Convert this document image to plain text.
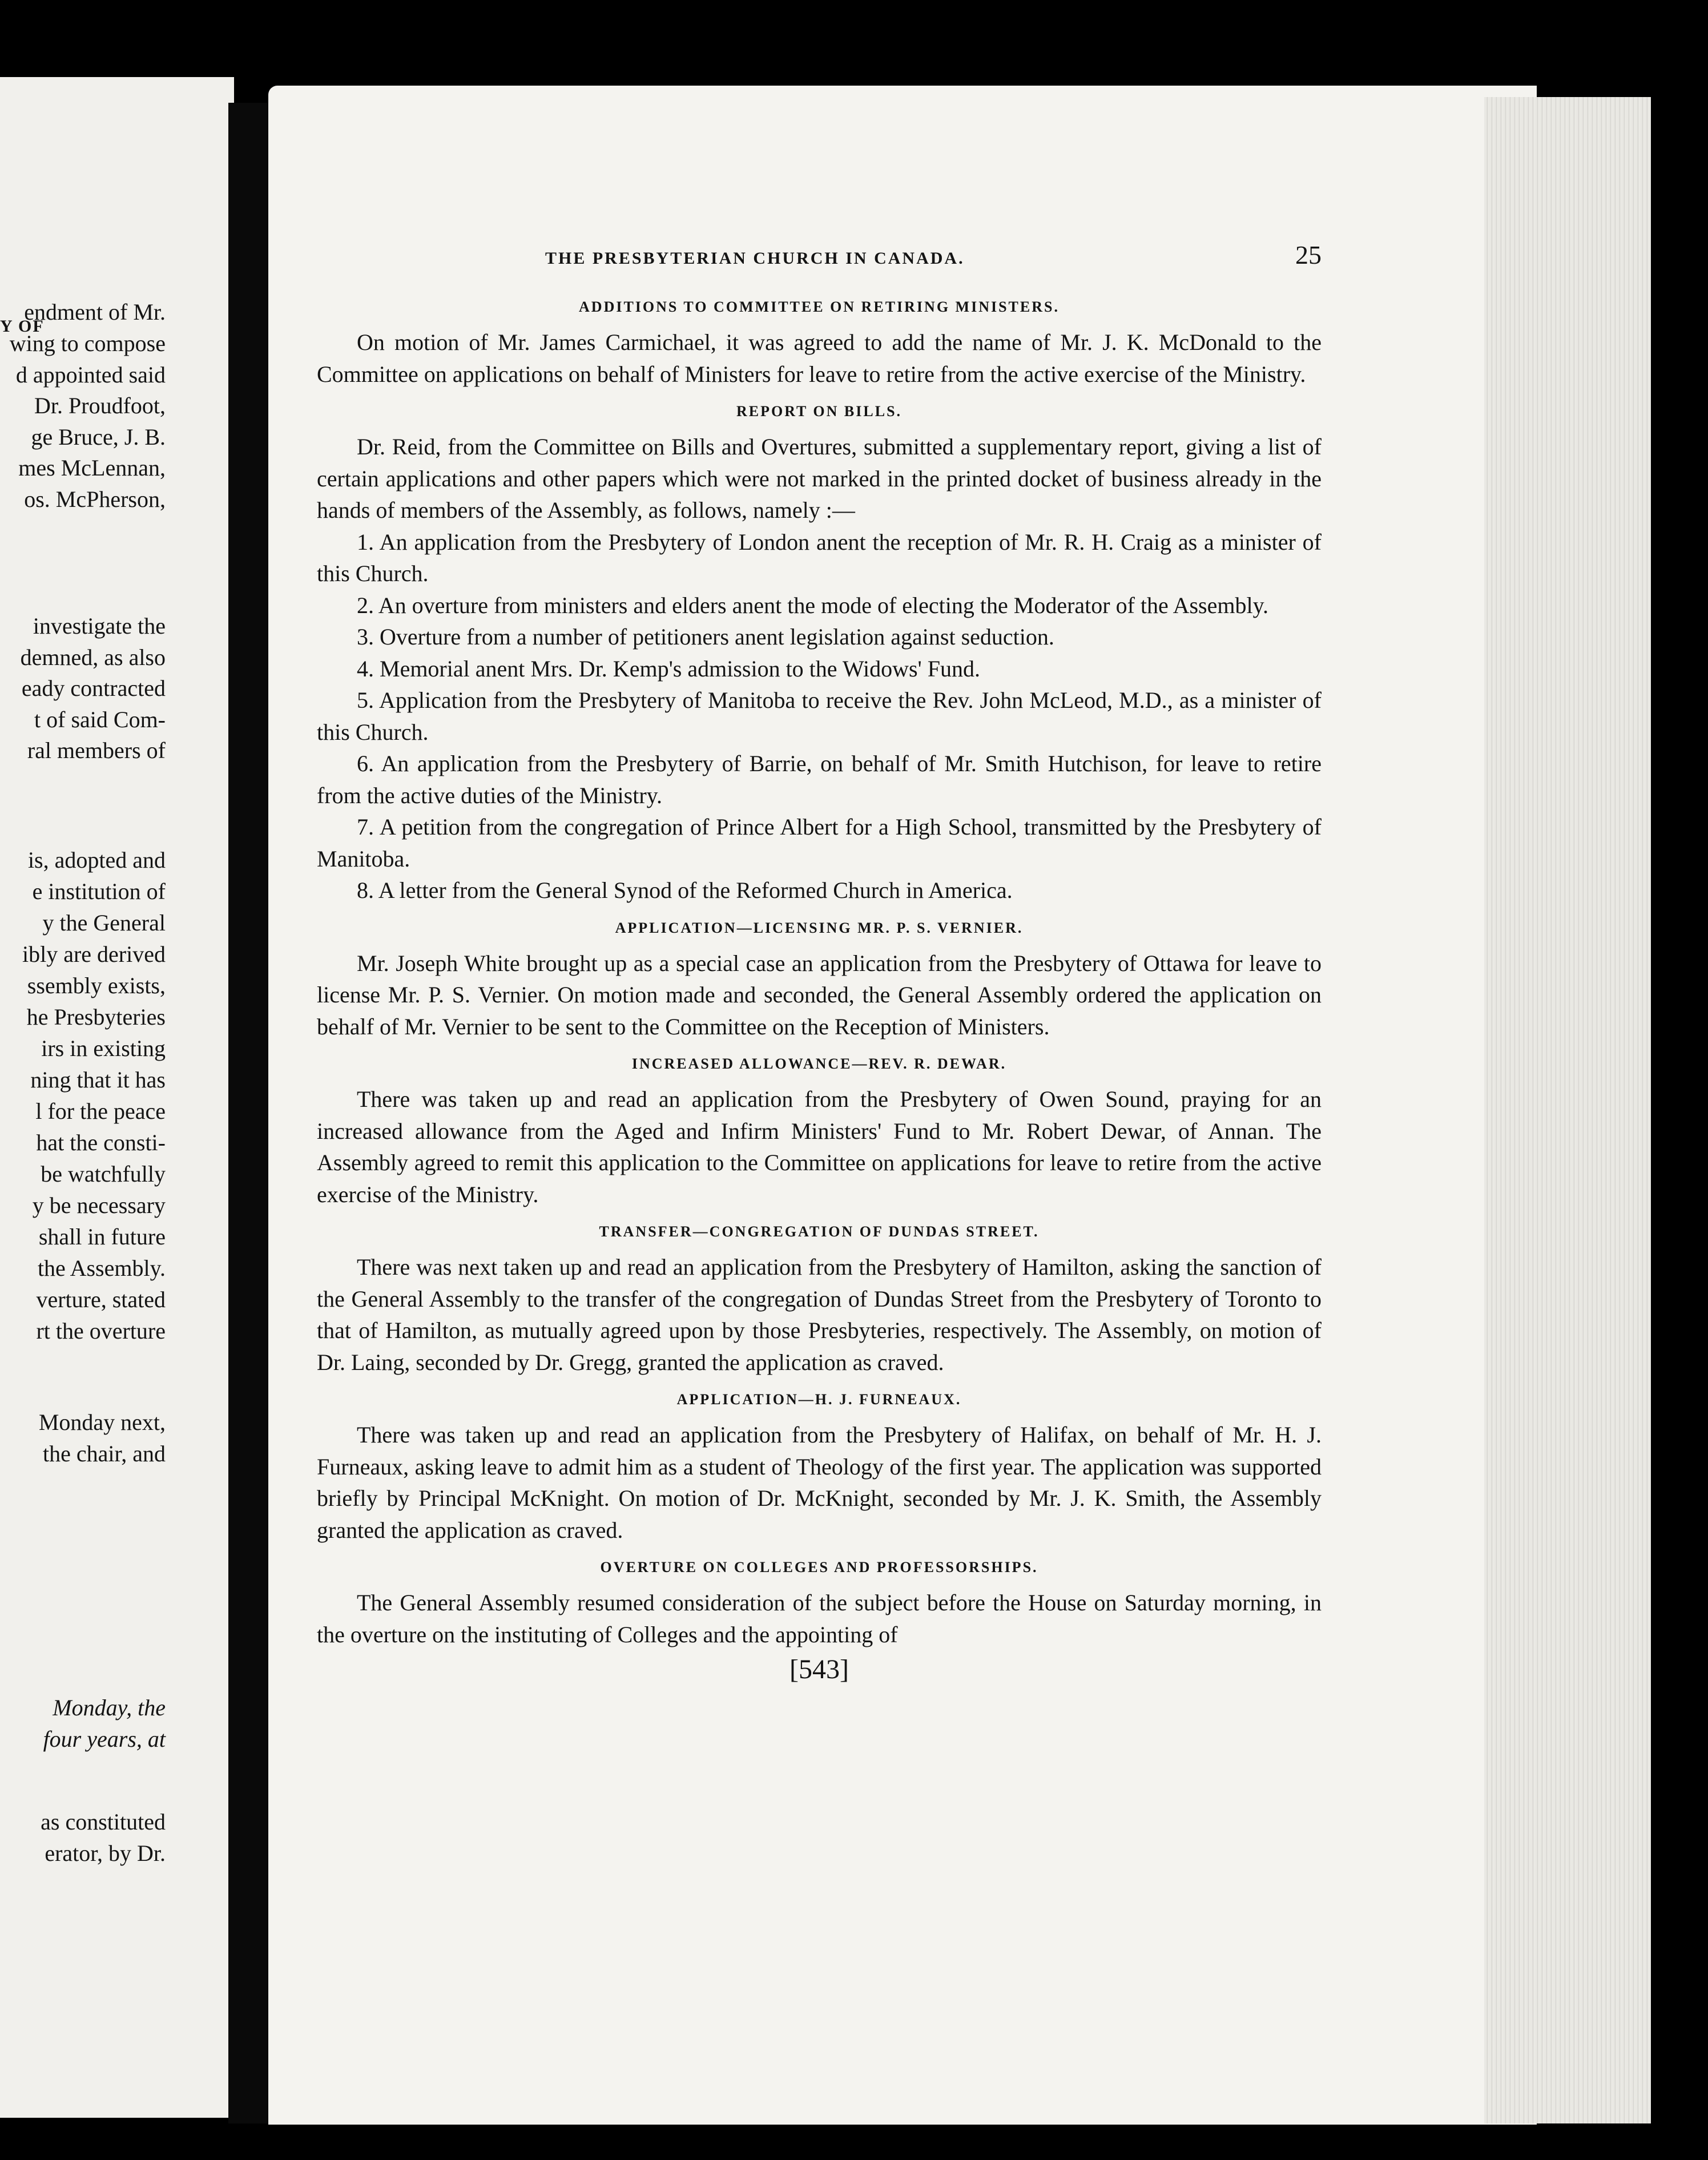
Y OF
endment of Mr.
wing to compose
d appointed said
Dr. Proudfoot,
ge Bruce, J. B.
mes McLennan,
os. McPherson,
investigate the
demned, as also
eady contracted
t of said Com-
ral members of
is, adopted and
e institution of
y the General
ibly are derived
ssembly exists,
he Presbyteries
irs in existing
ning that it has
l for the peace
hat the consti-
be watchfully
y be necessary
shall in future
the Assembly.
verture, stated
rt the overture
Monday next,
the chair, and
Monday, the
four years, at
as constituted
erator, by Dr.
THE PRESBYTERIAN CHURCH IN CANADA.	25
ADDITIONS TO COMMITTEE ON RETIRING MINISTERS.

On motion of Mr. James Carmichael, it was agreed to add the name of Mr. J. K. McDonald to the Committee on applications on behalf of Ministers for leave to retire from the active exercise of the Ministry.

REPORT ON BILLS.

Dr. Reid, from the Committee on Bills and Overtures, submitted a supplementary report, giving a list of certain applications and other papers which were not marked in the printed docket of business already in the hands of members of the Assembly, as follows, namely :—

1. An application from the Presbytery of London anent the reception of Mr. R. H. Craig as a minister of this Church.

2. An overture from ministers and elders anent the mode of electing the Moderator of the Assembly.

3. Overture from a number of petitioners anent legislation against seduction.

4. Memorial anent Mrs. Dr. Kemp's admission to the Widows' Fund.

5. Application from the Presbytery of Manitoba to receive the Rev. John McLeod, M.D., as a minister of this Church.

6. An application from the Presbytery of Barrie, on behalf of Mr. Smith Hutchison, for leave to retire from the active duties of the Ministry.

7. A petition from the congregation of Prince Albert for a High School, transmitted by the Presbytery of Manitoba.

8. A letter from the General Synod of the Reformed Church in America.

APPLICATION—LICENSING MR. P. S. VERNIER.

Mr. Joseph White brought up as a special case an application from the Presbytery of Ottawa for leave to license Mr. P. S. Vernier. On motion made and seconded, the General Assembly ordered the application on behalf of Mr. Vernier to be sent to the Committee on the Reception of Ministers.

INCREASED ALLOWANCE—REV. R. DEWAR.

There was taken up and read an application from the Presbytery of Owen Sound, praying for an increased allowance from the Aged and Infirm Ministers' Fund to Mr. Robert Dewar, of Annan. The Assembly agreed to remit this application to the Committee on applications for leave to retire from the active exercise of the Ministry.

TRANSFER—CONGREGATION OF DUNDAS STREET.

There was next taken up and read an application from the Presbytery of Hamilton, asking the sanction of the General Assembly to the transfer of the congregation of Dundas Street from the Presbytery of Toronto to that of Hamilton, as mutually agreed upon by those Presbyteries, respectively. The Assembly, on motion of Dr. Laing, seconded by Dr. Gregg, granted the application as craved.

APPLICATION—H. J. FURNEAUX.

There was taken up and read an application from the Presbytery of Halifax, on behalf of Mr. H. J. Furneaux, asking leave to admit him as a student of Theology of the first year. The application was supported briefly by Principal McKnight. On motion of Dr. McKnight, seconded by Mr. J. K. Smith, the Assembly granted the application as craved.

OVERTURE ON COLLEGES AND PROFESSORSHIPS.

The General Assembly resumed consideration of the subject before the House on Saturday morning, in the overture on the instituting of Colleges and the appointing of

[543]
